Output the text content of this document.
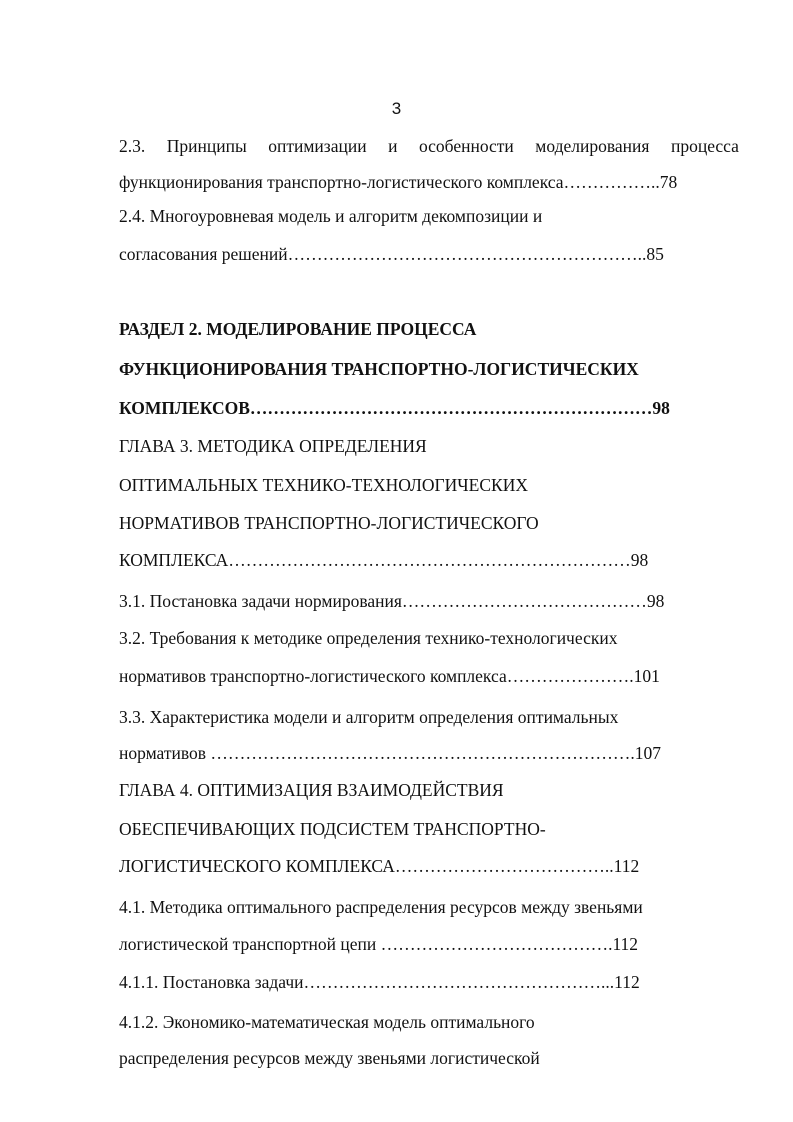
3
2.3. Принципы оптимизации и особенности моделирования процесса
функционирования транспортно-логистического комплекса……………..78
2.4. Многоуровневая модель и алгоритм декомпозиции и
согласования решений……………………………………………………..85
РАЗДЕЛ 2. МОДЕЛИРОВАНИЕ ПРОЦЕССА
ФУНКЦИОНИРОВАНИЯ ТРАНСПОРТНО-ЛОГИСТИЧЕСКИХ
КОМПЛЕКСОВ……………………………………………………………98
ГЛАВА 3. МЕТОДИКА ОПРЕДЕЛЕНИЯ
ОПТИМАЛЬНЫХ ТЕХНИКО-ТЕХНОЛОГИЧЕСКИХ
НОРМАТИВОВ ТРАНСПОРТНО-ЛОГИСТИЧЕСКОГО
КОМПЛЕКСА……………………………………………………………98
3.1. Постановка задачи нормирования……………………………………98
3.2. Требования к методике определения технико-технологических
нормативов транспортно-логистического комплекса………………….101
3.3. Характеристика модели и алгоритм определения оптимальных
нормативов ……………………………………………………………….107
ГЛАВА 4. ОПТИМИЗАЦИЯ ВЗАИМОДЕЙСТВИЯ
ОБЕСПЕЧИВАЮЩИХ ПОДСИСТЕМ ТРАНСПОРТНО-
ЛОГИСТИЧЕСКОГО КОМПЛЕКСА………………………………..112
4.1. Методика оптимального распределения ресурсов между звеньями
логистической транспортной цепи ………………………………….112
4.1.1. Постановка задачи……………………………………………...112
4.1.2. Экономико-математическая модель оптимального
распределения ресурсов между звеньями логистической
